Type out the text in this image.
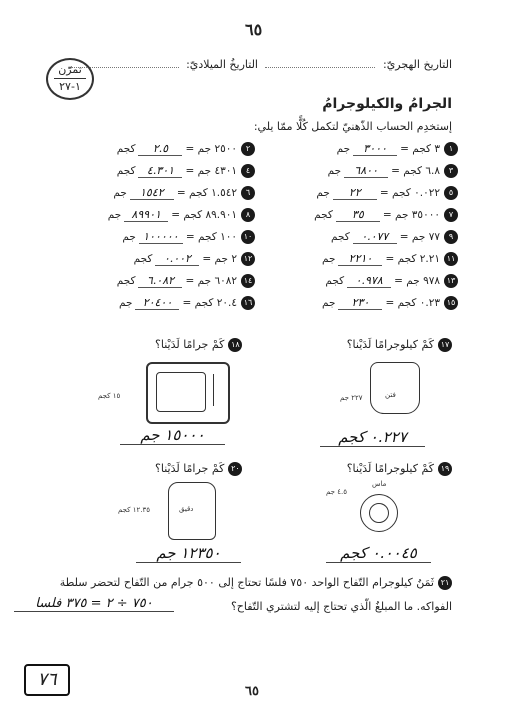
٦٥
التاريخ الهجريّ:  التاريخُ الميلاديّ:
تمرّن
١-٢٧
الجرامُ والكيلوجرامُ
إستخدِم الحساب الذّهنيّ لتكمل كُلًّا ممّا يلي:
١٣ كجم =٣٠٠٠جم
٣٦.٨ كجم =٦٨٠٠جم
٥٠.٠٢٢ كجم =٢٢جم
٧٣٥٠٠٠ جم =٣٥كجم
٩٧٧ جم =٠.٠٧٧كجم
١١٢.٢١ كجم =٢٢١٠جم
١٣٩٧٨ جم =٠.٩٧٨كجم
١٥٠.٢٣ كجم =٢٣٠جم
٢٢٥٠٠ جم =٢.٥كجم
٤٤٣٠١ جم =٤.٣٠١كجم
٦١.٥٤٢ كجم =١٥٤٢جم
٨٨٩.٩٠١ كجم =٨٩٩٠١جم
١٠١٠٠ كجم =١٠٠٠٠٠جم
١٢٢ جم =٠.٠٠٢كجم
١٤٦٠٨٢ جم =٦.٠٨٢كجم
١٦٢٠.٤ كجم =٢٠٤٠٠جم
١٧كَمْ كيلوجرامًا لَدَيْنا؟
فتن
٢٢٧ جم
٠.٢٢٧ كجم
١٨كَمْ جرامًا لَدَيْنا؟
١٥ كجم
١٥٠٠٠ جم
١٩كَمْ كيلوجرامًا لَدَيْنا؟
ماس
٤.٥ جم
٠.٠٠٤٥ كجم
٢٠كَمْ جرامًا لَدَيْنا؟
دقيق
١٢.٣٥ كجم
١٢٣٥٠ جم
٢١ثَمَنُ كيلوجرام التّفاح الواحد ٧٥٠ فلسًا تحتاج إلى ٥٠٠ جرام من التّفاح لتحضر سلطة
الفواكه. ما المبلغُ الّذي تحتاج إليه لتشتري التّفاح؟
٧٥٠ ÷ ٢ = ٣٧٥ فلسا
٧٦
٦٥
